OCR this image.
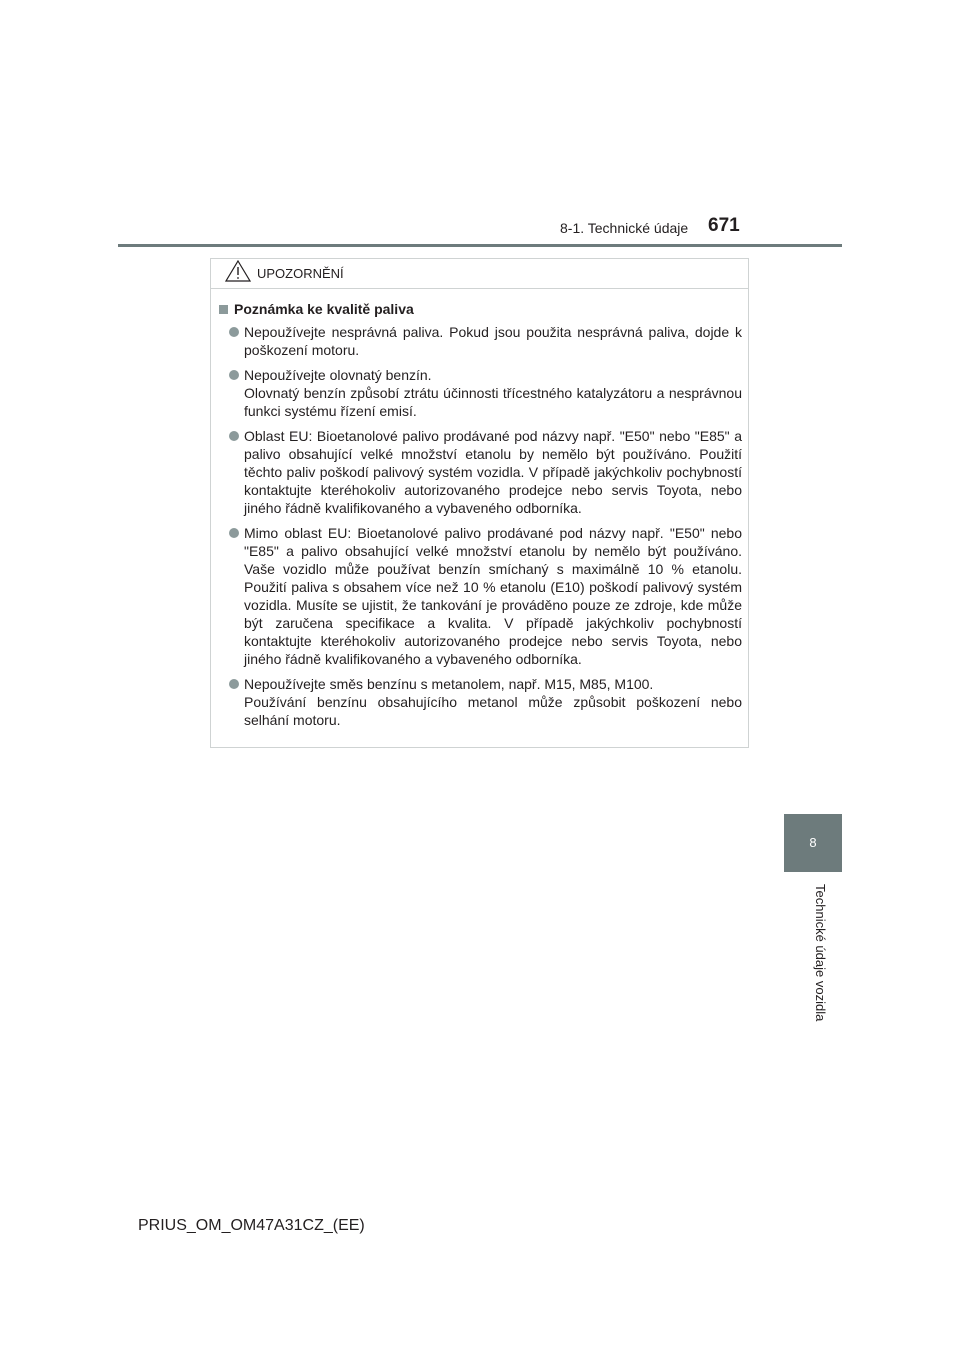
8-1. Technické údaje	671
8
Technické údaje vozidla
UPOZORNĚNÍ
Poznámka ke kvalitě paliva

Nepoužívejte nesprávná paliva. Pokud jsou použita nesprávná paliva, dojde k poškození motoru.

Nepoužívejte olovnatý benzín.

Olovnatý benzín způsobí ztrátu účinnosti třícestného katalyzátoru a nesprávnou funkci systému řízení emisí.

Oblast EU: Bioetanolové palivo prodávané pod názvy např. "E50" nebo "E85" a palivo obsahující velké množství etanolu by nemělo být používáno. Použití těchto paliv poškodí palivový systém vozidla. V případě jakýchkoliv pochybností kontaktujte kteréhokoliv autorizovaného prodejce nebo servis Toyota, nebo jiného řádně kvalifikovaného a vybaveného odborníka.

Mimo oblast EU: Bioetanolové palivo prodávané pod názvy např. "E50" nebo "E85" a palivo obsahující velké množství etanolu by nemělo být používáno. Vaše vozidlo může používat benzín smíchaný s maximálně 10 % etanolu. Použití paliva s obsahem více než 10 % etanolu (E10) poškodí palivový systém vozidla. Musíte se ujistit, že tankování je prováděno pouze ze zdroje, kde může být zaručena specifikace a kvalita. V případě jakýchkoliv pochybností kontaktujte kteréhokoliv autorizovaného prodejce nebo servis Toyota, nebo jiného řádně kvalifikovaného a vybaveného odborníka.

Nepoužívejte směs benzínu s metanolem, např. M15, M85, M100.

Používání benzínu obsahujícího metanol může způsobit poškození nebo selhání motoru.

PRIUS_OM_OM47A31CZ_(EE)
